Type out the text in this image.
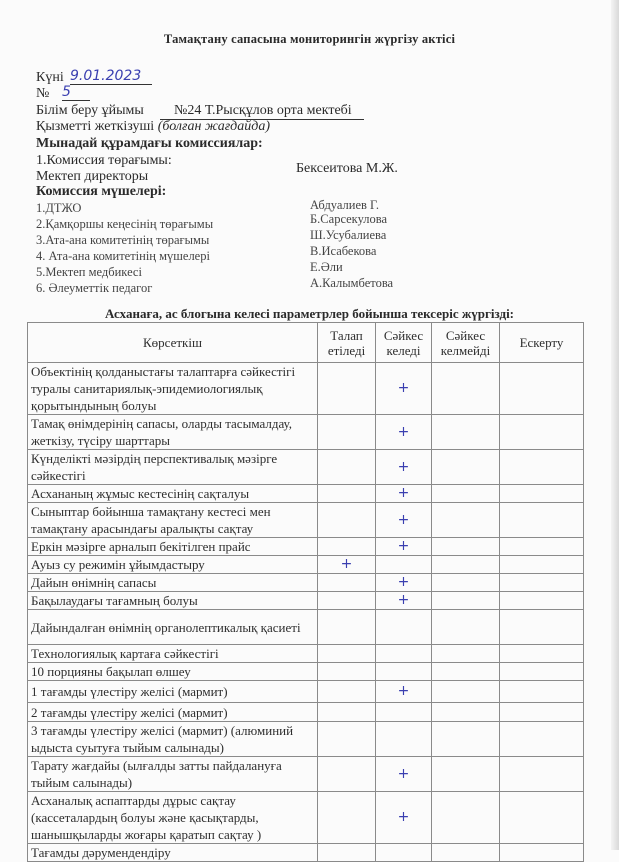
Тамақтану сапасына мониторингін жүргізу актісі
Күні 9.01.2023
№ 5
Білім беру ұйымы	№24 Т.Рысқұлов орта мектебі
Қызметті жеткізуші (болған жағдайда)
Мынадай құрамдағы комиссиялар:
1.Комиссия төрағымы:
Мектеп директоры
Бексеитова М.Ж.
Комиссия мүшелері:
1.ДТЖО	Абдуалиев Г.
2.Қамқоршы кеңесінің төрағымы	Б.Сарсекулова
3.Ата-ана комитетінің төрағымы	Ш.Усубалиева
4. Ата-ана комитетінің мүшелері	В.Исабекова
5.Мектеп медбикесі	Е.Әли
6. Әлеуметтік педагог	А.Калымбетова
Асханаға, ас блогына келесі параметрлер бойынша тексеріс жүргізді:
Көрсеткіш	Талап етіледі	Сәйкес келеді	Сәйкес келмейді	Ескерту
Объектінің қолданыстағы талаптарға сәйкестігі туралы санитариялық-эпидемиологиялық қорытындының болуы		+		
Тамақ өнімдерінің сапасы, оларды тасымалдау, жеткізу, түсіру шарттары		+		
Күнделікті мәзірдің перспективалық мәзірге сәйкестігі		+		
Асхананың жұмыс кестесінің сақталуы		+		
Сыныптар бойынша тамақтану кестесі мен тамақтану арасындағы аралықты сақтау		+		
Еркін мәзірге арналып бекітілген прайс		+		
Ауыз су режимін ұйымдастыру	+			
Дайын өнімнің сапасы		+		
Бақылаудағы тағамның болуы		+		
Дайындалған өнімнің органолептикалық қасиеті				
Технологиялық картаға сәйкестігі				
10 порцияны бақылап өлшеу				
1 тағамды үлестіру желісі (мармит)		+		
2 тағамды үлестіру желісі (мармит)				
3 тағамды үлестіру желісі (мармит) (алюминий ыдыста суытуға тыйым салынады)				
Тарату жағдайы (ылғалды затты пайдалануға тыйым салынады)		+		
Асханалық аспаптарды дұрыс сақтау (кассеталардың болуы және қасықтарды, шанышқыларды жоғары қаратып сақтау )		+		
Тағамды дәрумендендіру				
